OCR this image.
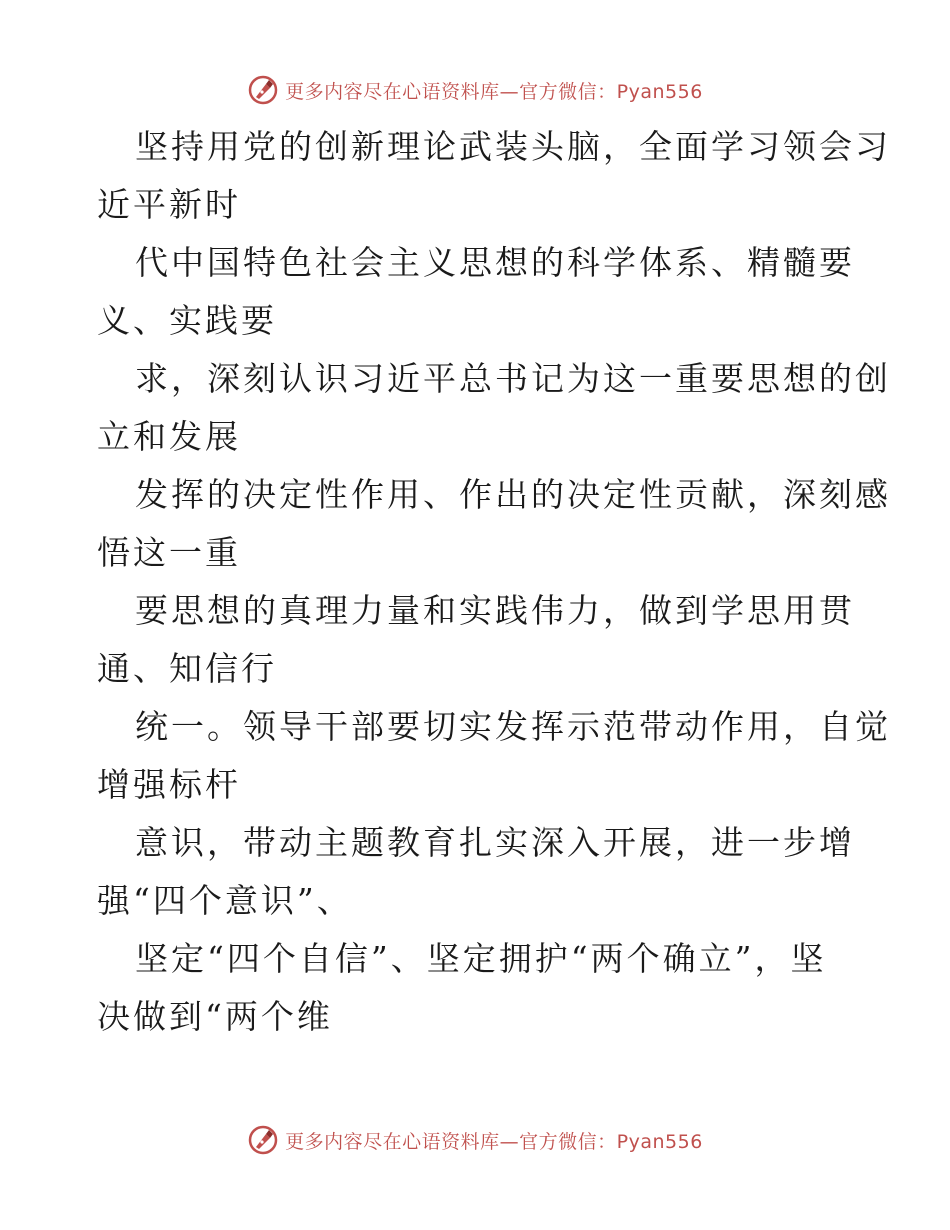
更多内容尽在心语资料库—官方微信：Pyan556
坚持用党的创新理论武装头脑，全面学习领会习
近平新时
代中国特色社会主义思想的科学体系、精髓要
义、实践要
求，深刻认识习近平总书记为这一重要思想的创
立和发展
发挥的决定性作用、作出的决定性贡献，深刻感
悟这一重
要思想的真理力量和实践伟力，做到学思用贯
通、知信行
统一。领导干部要切实发挥示范带动作用，自觉
增强标杆
意识，带动主题教育扎实深入开展，进一步增
强“四个意识”、
坚定“四个自信”、坚定拥护“两个确立”，坚
决做到“两个维
更多内容尽在心语资料库—官方微信：Pyan556
